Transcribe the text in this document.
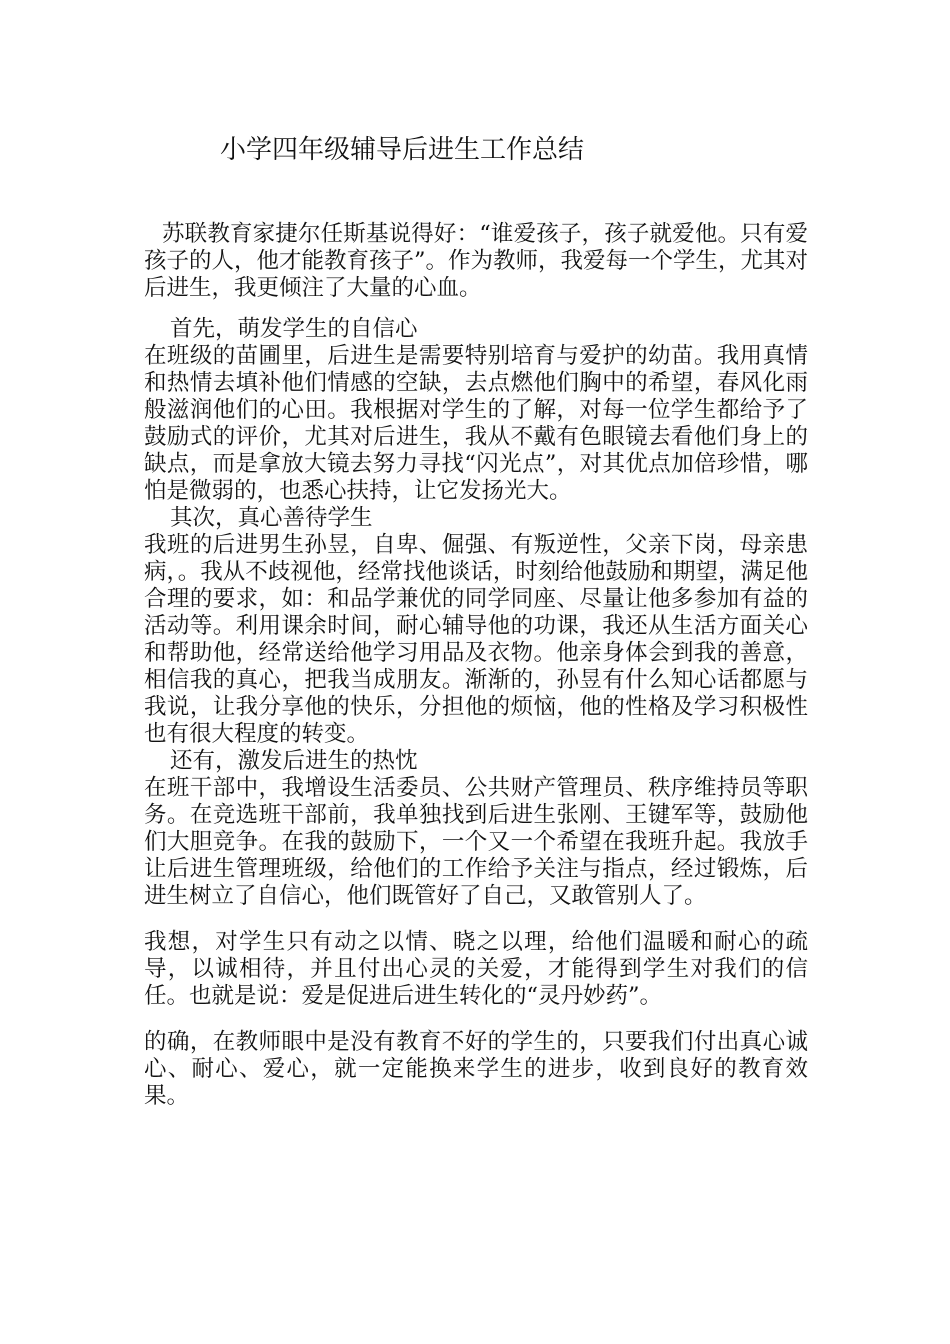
小学四年级辅导后进生工作总结

苏联教育家捷尔任斯基说得好：“谁爱孩子，孩子就爱他。只有爱孩子的人，他才能教育孩子”。作为教师，我爱每一个学生，尤其对后进生，我更倾注了大量的心血。

首先，萌发学生的自信心

在班级的苗圃里，后进生是需要特别培育与爱护的幼苗。我用真情和热情去填补他们情感的空缺，去点燃他们胸中的希望，春风化雨般滋润他们的心田。我根据对学生的了解，对每一位学生都给予了鼓励式的评价，尤其对后进生，我从不戴有色眼镜去看他们身上的缺点，而是拿放大镜去努力寻找“闪光点”，对其优点加倍珍惜，哪怕是微弱的，也悉心扶持，让它发扬光大。

其次，真心善待学生

我班的后进男生孙昱，自卑、倔强、有叛逆性，父亲下岗，母亲患病，。我从不歧视他，经常找他谈话，时刻给他鼓励和期望，满足他合理的要求，如：和品学兼优的同学同座、尽量让他多参加有益的活动等。利用课余时间，耐心辅导他的功课，我还从生活方面关心和帮助他，经常送给他学习用品及衣物。他亲身体会到我的善意，相信我的真心，把我当成朋友。渐渐的，孙昱有什么知心话都愿与我说，让我分享他的快乐，分担他的烦恼，他的性格及学习积极性也有很大程度的转变。

还有，激发后进生的热忱

在班干部中，我增设生活委员、公共财产管理员、秩序维持员等职务。在竞选班干部前，我单独找到后进生张刚、王键军等，鼓励他们大胆竞争。在我的鼓励下，一个又一个希望在我班升起。我放手让后进生管理班级，给他们的工作给予关注与指点，经过锻炼，后进生树立了自信心，他们既管好了自己，又敢管别人了。

我想，对学生只有动之以情、晓之以理，给他们温暖和耐心的疏导，以诚相待，并且付出心灵的关爱，才能得到学生对我们的信任。也就是说：爱是促进后进生转化的“灵丹妙药”。

的确，在教师眼中是没有教育不好的学生的，只要我们付出真心诚心、耐心、爱心，就一定能换来学生的进步，收到良好的教育效果。
